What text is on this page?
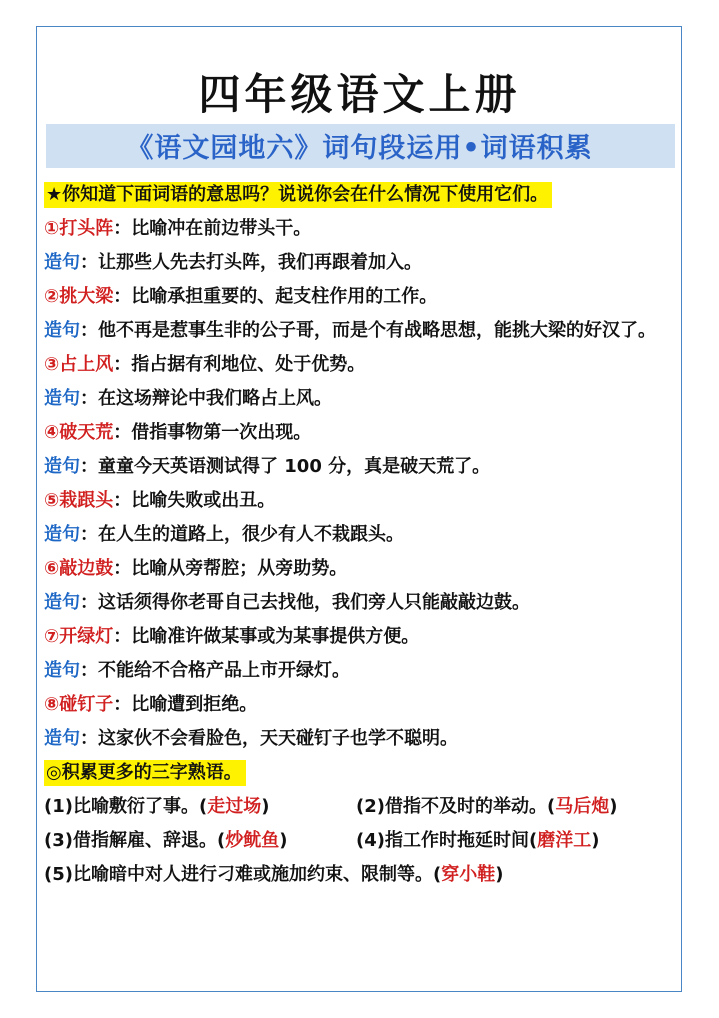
四年级语文上册
《语文园地六》词句段运用•词语积累
★你知道下面词语的意思吗？说说你会在什么情况下使用它们。
①打头阵：比喻冲在前边带头干。
造句：让那些人先去打头阵，我们再跟着加入。
②挑大梁：比喻承担重要的、起支柱作用的工作。
造句：他不再是惹事生非的公子哥，而是个有战略思想，能挑大梁的好汉了。
③占上风：指占据有利地位、处于优势。
造句：在这场辩论中我们略占上风。
④破天荒：借指事物第一次出现。
造句：童童今天英语测试得了 100 分，真是破天荒了。
⑤栽跟头：比喻失败或出丑。
造句：在人生的道路上，很少有人不栽跟头。
⑥敲边鼓：比喻从旁帮腔；从旁助势。
造句：这话须得你老哥自己去找他，我们旁人只能敲敲边鼓。
⑦开绿灯：比喻准许做某事或为某事提供方便。
造句：不能给不合格产品上市开绿灯。
⑧碰钉子：比喻遭到拒绝。
造句：这家伙不会看脸色，天天碰钉子也学不聪明。
◎积累更多的三字熟语。
(1)比喻敷衍了事。(走过场)	(2)借指不及时的举动。(马后炮)
(3)借指解雇、辞退。(炒鱿鱼)	(4)指工作时拖延时间(磨洋工)
(5)比喻暗中对人进行刁难或施加约束、限制等。(穿小鞋)
